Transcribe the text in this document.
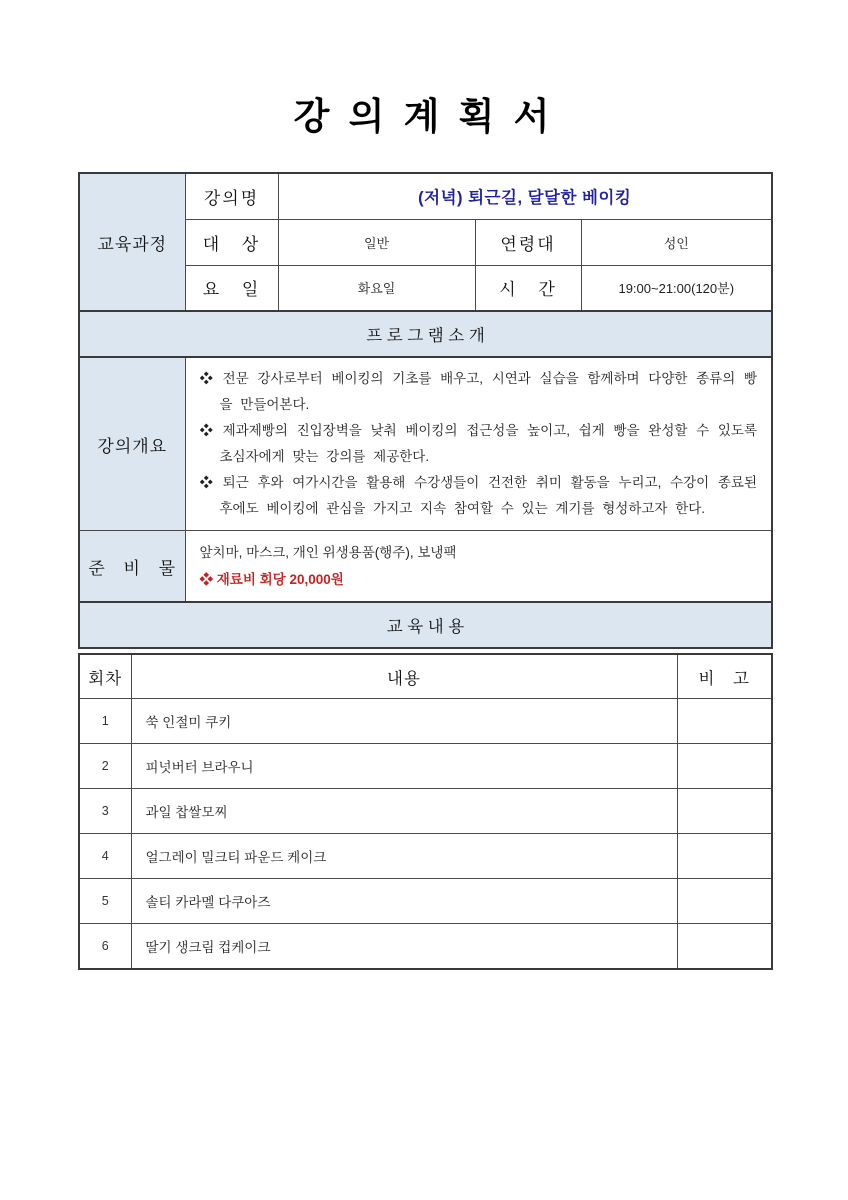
강 의 계 획 서
교육과정	강의명	(저녁) 퇴근길, 달달한 베이킹		
	대 상	일반	연령대	성인
	요 일	화요일	시 간	19:00~21:00(120분)
프 로 그 램 소 개				
강의개요	❖ 전문 강사로부터 베이킹의 기초를 배우고, 시연과 실습을 함께하며 다양한 종류의 빵을 만들어본다.
❖ 제과제빵의 진입장벽을 낮춰 베이킹의 접근성을 높이고, 쉽게 빵을 완성할 수 있도록 초심자에게 맞는 강의를 제공한다.
❖ 퇴근 후와 여가시간을 활용해 수강생들이 건전한 취미 활동을 누리고, 수강이 종료된 후에도 베이킹에 관심을 가지고 지속 참여할 수 있는 계기를 형성하고자 한다.			

준 비 물	앞치마, 마스크, 개인 위생용품(행주), 보냉팩
❖ 재료비 회당 20,000원			

교 육 내 용				
회차	내용	비 고
1	쑥 인절미 쿠키	
2	피넛버터 브라우니	
3	과일 찹쌀모찌	
4	얼그레이 밀크티 파운드 케이크	
5	솔티 카라멜 다쿠아즈	
6	딸기 생크림 컵케이크	
